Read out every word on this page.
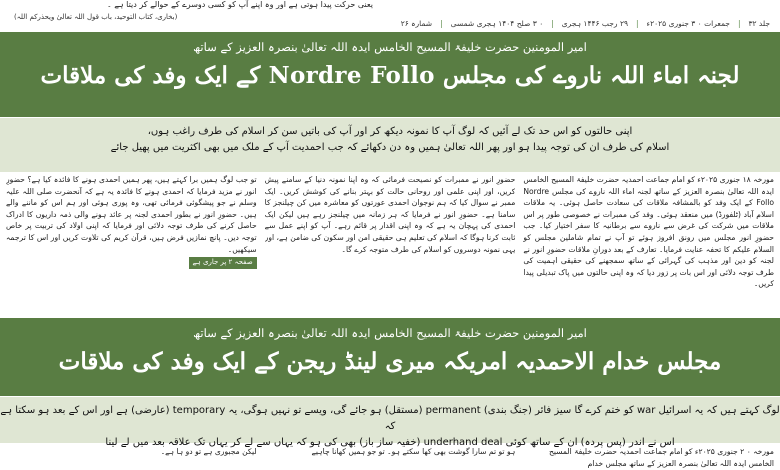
یعنی حرکت پیدا ہوتی ہے اور وہ اپنے آپ کو کسی دوسرے کے حوالے کر دیتا ہے ۔
(بخاری، کتاب التوحید، باب قول اللہ تعالیٰ ویحذرکم اللہ)
جلد ۳۲
|
جمعرات ۰ ۳ جنوری ۲۰۲۵ء
|
۲۹ رجب ۱۴۴۶ ہجری
|
۰ ۳ صلح ۱۴۰۴ ہجری شمسی
|
شمارہ ۲۶
امیر المومنین حضرت خلیفۃ المسیح الخامس ایدہ اللہ تعالیٰ بنصرہ العزیز کے ساتھ
لجنہ اماء اللہ ناروے کی مجلس Nordre Follo کے ایک وفد کی ملاقات
اپنی حالتوں کو اس حد تک لے آئیں کہ لوگ آپ کا نمونہ دیکھ کر اور آپ کی باتیں سن کر اسلام کی طرف راغب ہوں،
اسلام کی طرف ان کی توجہ پیدا ہو اور پھر اللہ تعالیٰ ہمیں وہ دن دکھائے کہ جب احمدیت آپ کے ملک میں بھی اکثریت میں پھیل جائے
مورخہ ۱۸ جنوری ۲۰۲۵ء کو امام جماعت احمدیہ حضرت خلیفۃ المسیح الخامس ایدہ اللہ تعالیٰ بنصرہ العزیز کے ساتھ لجنہ اماء اللہ ناروے کی مجلس Nordre Follo کے ایک وفد کو بالمشافہ ملاقات کی سعادت حاصل ہوئی۔ یہ ملاقات اسلام آباد (ٹلفورڈ) میں منعقد ہوئی۔ وفد کی ممبرات نے خصوصی طور پر اس ملاقات میں شرکت کی غرض سے ناروے سے برطانیہ کا سفر اختیار کیا۔ جب حضورِ انور مجلس میں رونق افروز ہوئے تو آپ نے تمام شاملین مجلس کو السلام علیکم کا تحفہ عنایت فرمایا۔ تعارف کے بعد دورانِ ملاقات حضورِ انور نے لجنہ کو دین اور مذہب کی گہرائی کے ساتھ سمجھنے کی حقیقی اہمیت کی طرف توجہ دلائی اور اس بات پر زور دیا کہ وہ اپنی حالتوں میں پاک تبدیلی پیدا کریں۔
حضورِ انور نے ممبرات کو نصیحت فرمائی کہ وہ اپنا نمونہ دنیا کے سامنے پیش کریں، اور اپنی علمی اور روحانی حالت کو بہتر بنانے کی کوشش کریں۔ ایک ممبر نے سوال کیا کہ ہم نوجوان احمدی عورتوں کو معاشرہ میں کن چیلنجز کا سامنا ہے۔ حضورِ انور نے فرمایا کہ ہر زمانہ میں چیلنجز رہے ہیں لیکن ایک احمدی کی پہچان یہ ہے کہ وہ اپنی اقدار پر قائم رہے۔ آپ کو اپنے عمل سے ثابت کرنا ہوگا کہ اسلام کی تعلیم ہی حقیقی امن اور سکون کی ضامن ہے، اور یہی نمونہ دوسروں کو اسلام کی طرف متوجہ کرے گا۔
تو جب لوگ ہمیں برا کہتے ہیں، پھر ہمیں احمدی ہونے کا فائدہ کیا ہے؟ حضورِ انور نے مزید فرمایا کہ احمدی ہونے کا فائدہ یہ ہے کہ آنحضرت صلی اللہ علیہ وسلم نے جو پیشگوئی فرمائی تھی، وہ پوری ہوئی اور ہم اس کو ماننے والے ہیں۔ حضورِ انور نے بطور احمدی لجنہ پر عائد ہونے والی ذمہ داریوں کا ادراک حاصل کرنے کی طرف توجہ دلائی اور فرمایا کہ اپنی اولاد کی تربیت پر خاص توجہ دیں۔ پانچ نمازیں فرض ہیں، قرآن کریم کی تلاوت کریں اور اس کا ترجمہ سیکھیں۔
صفحہ ۲ پر جاری ہے
امیر المومنین حضرت خلیفۃ المسیح الخامس ایدہ اللہ تعالیٰ بنصرہ العزیز کے ساتھ
مجلس خدام الاحمدیہ امریکہ میری لینڈ ریجن کے ایک وفد کی ملاقات
لوگ کہتے ہیں کہ یہ اسرائیل war کو ختم کرے گا سیز فائر (جنگ بندی) permanent (مستقل) ہو جائے گی، ویسے تو نہیں ہوگی، یہ temporary (عارضی) ہے اور اس کے بعد ہو سکتا ہے کہ
اس نے اندر (پس پردہ) ان کے ساتھ کوئی underhand deal (خفیہ ساز باز) بھی کی ہو کہ یہاں سے لے کر یہاں تک علاقہ بعد میں لے لینا
مورخہ ۰ ۲ جنوری ۲۰۲۵ء کو امام جماعت احمدیہ حضرت خلیفۃ المسیح الخامس ایدہ اللہ تعالیٰ بنصرہ العزیز کے ساتھ مجلس خدام
ہو تو تم سارا گوشت بھی کھا سکتے ہو۔ تو جو ہمیں کھانا چاہیے
لیکن مجبوری ہے تو دو ہا ہے۔
